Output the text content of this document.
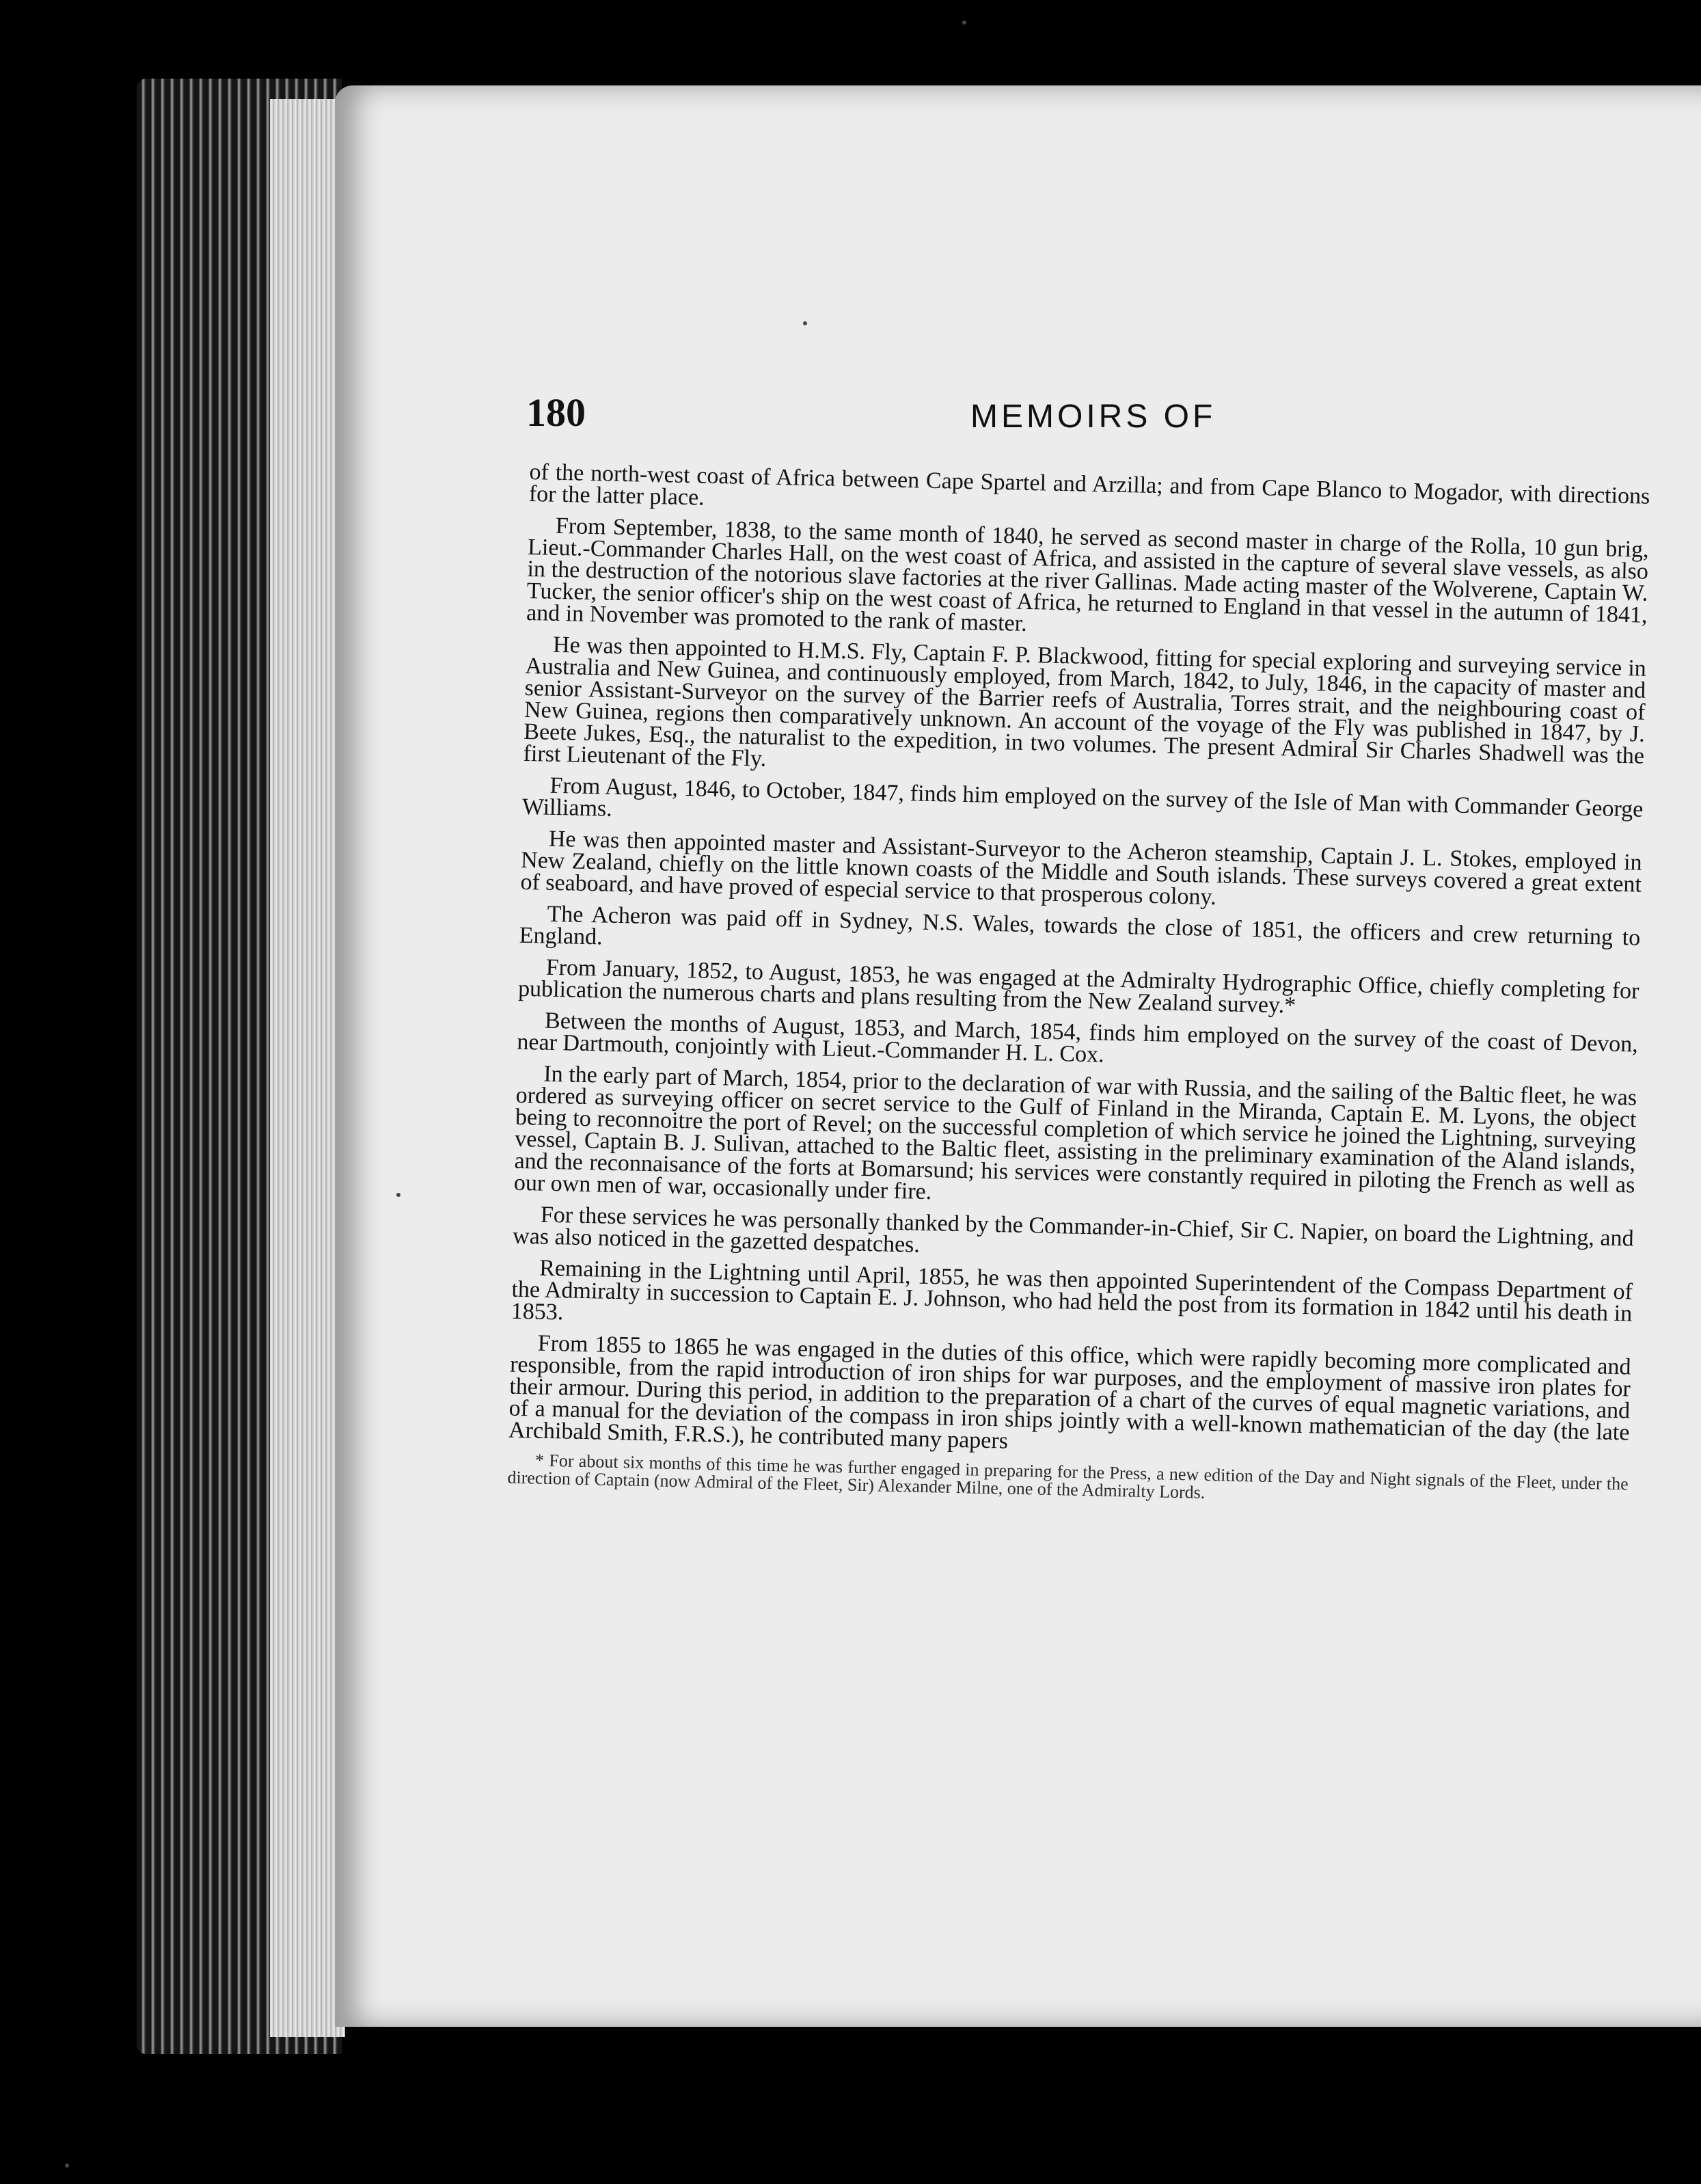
180	MEMOIRS OF

of the north-west coast of Africa between Cape Spartel and Arzilla; and from Cape Blanco to Mogador, with directions for the latter place.

From September, 1838, to the same month of 1840, he served as second master in charge of the Rolla, 10 gun brig, Lieut.-Commander Charles Hall, on the west coast of Africa, and assisted in the capture of several slave vessels, as also in the destruction of the notorious slave factories at the river Gallinas. Made acting master of the Wolverene, Captain W. Tucker, the senior officer's ship on the west coast of Africa, he returned to England in that vessel in the autumn of 1841, and in November was promoted to the rank of master.

He was then appointed to H.M.S. Fly, Captain F. P. Blackwood, fitting for special exploring and surveying service in Australia and New Guinea, and continuously employed, from March, 1842, to July, 1846, in the capacity of master and senior Assistant-Surveyor on the survey of the Barrier reefs of Australia, Torres strait, and the neighbouring coast of New Guinea, regions then comparatively unknown. An account of the voyage of the Fly was published in 1847, by J. Beete Jukes, Esq., the naturalist to the expedition, in two volumes. The present Admiral Sir Charles Shadwell was the first Lieutenant of the Fly.

From August, 1846, to October, 1847, finds him employed on the survey of the Isle of Man with Commander George Williams.

He was then appointed master and Assistant-Surveyor to the Acheron steamship, Captain J. L. Stokes, employed in New Zealand, chiefly on the little known coasts of the Middle and South islands. These surveys covered a great extent of seaboard, and have proved of especial service to that prosperous colony.

The Acheron was paid off in Sydney, N.S. Wales, towards the close of 1851, the officers and crew returning to England.

From January, 1852, to August, 1853, he was engaged at the Admiralty Hydrographic Office, chiefly completing for publication the numerous charts and plans resulting from the New Zealand survey.*

Between the months of August, 1853, and March, 1854, finds him employed on the survey of the coast of Devon, near Dartmouth, conjointly with Lieut.-Commander H. L. Cox.

In the early part of March, 1854, prior to the declaration of war with Russia, and the sailing of the Baltic fleet, he was ordered as surveying officer on secret service to the Gulf of Finland in the Miranda, Captain E. M. Lyons, the object being to reconnoitre the port of Revel; on the successful completion of which service he joined the Lightning, surveying vessel, Captain B. J. Sulivan, attached to the Baltic fleet, assisting in the preliminary examination of the Aland islands, and the reconnaisance of the forts at Bomarsund; his services were constantly required in piloting the French as well as our own men of war, occasionally under fire.

For these services he was personally thanked by the Commander-in-Chief, Sir C. Napier, on board the Lightning, and was also noticed in the gazetted despatches.

Remaining in the Lightning until April, 1855, he was then appointed Superintendent of the Compass Department of the Admiralty in succession to Captain E. J. Johnson, who had held the post from its formation in 1842 until his death in 1853.

From 1855 to 1865 he was engaged in the duties of this office, which were rapidly becoming more complicated and responsible, from the rapid introduction of iron ships for war purposes, and the employment of massive iron plates for their armour. During this period, in addition to the preparation of a chart of the curves of equal magnetic variations, and of a manual for the deviation of the compass in iron ships jointly with a well-known mathematician of the day (the late Archibald Smith, F.R.S.), he contributed many papers

* For about six months of this time he was further engaged in preparing for the Press, a new edition of the Day and Night signals of the Fleet, under the direction of Captain (now Admiral of the Fleet, Sir) Alexander Milne, one of the Admiralty Lords.
